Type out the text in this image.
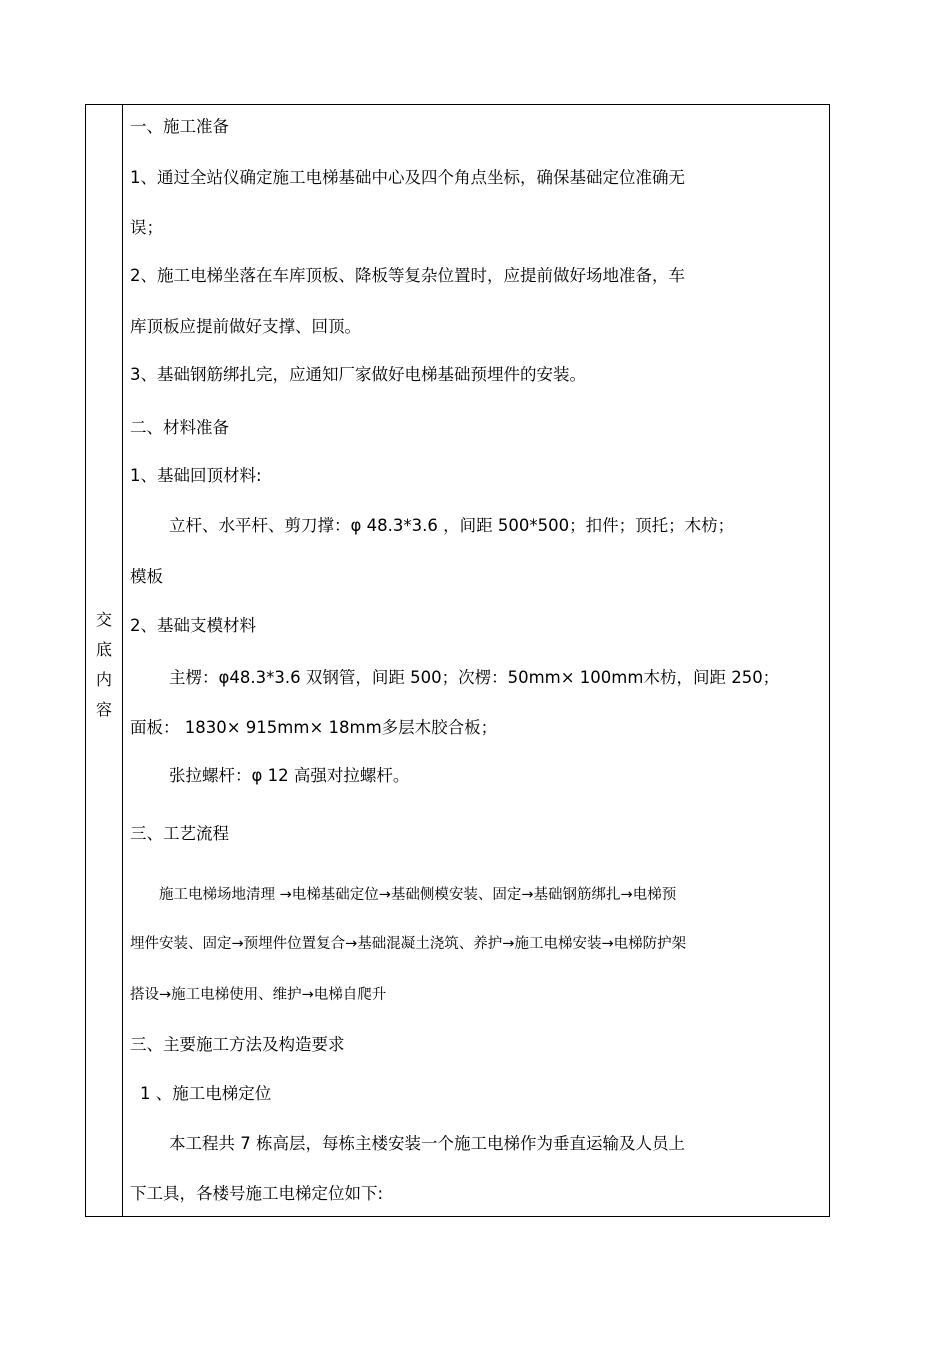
交
底
内
容
一、施工准备
1、通过全站仪确定施工电梯基础中心及四个角点坐标，确保基础定位准确无
误；
2、施工电梯坐落在车库顶板、降板等复杂位置时，应提前做好场地准备，车
库顶板应提前做好支撑、回顶。
3、基础钢筋绑扎完，应通知厂家做好电梯基础预埋件的安装。
二、材料准备
1、基础回顶材料:
立杆、水平杆、剪刀撑：φ 48.3*3.6 ，间距 500*500；扣件；顶托；木枋；
模板
2、基础支模材料
主楞：φ48.3*3.6 双钢管，间距 500；次楞：50mm× 100mm木枋，间距 250；
面板： 1830× 915mm× 18mm多层木胶合板；
张拉螺杆：φ 12 高强对拉螺杆。
三、工艺流程
施工电梯场地清理 →电梯基础定位→基础侧模安装、固定→基础钢筋绑扎→电梯预
埋件安装、固定→预埋件位置复合→基础混凝土浇筑、养护→施工电梯安装→电梯防护架
搭设→施工电梯使用、维护→电梯自爬升
三、主要施工方法及构造要求
1 、施工电梯定位
本工程共 7 栋高层，每栋主楼安装一个施工电梯作为垂直运输及人员上
下工具，各楼号施工电梯定位如下:
